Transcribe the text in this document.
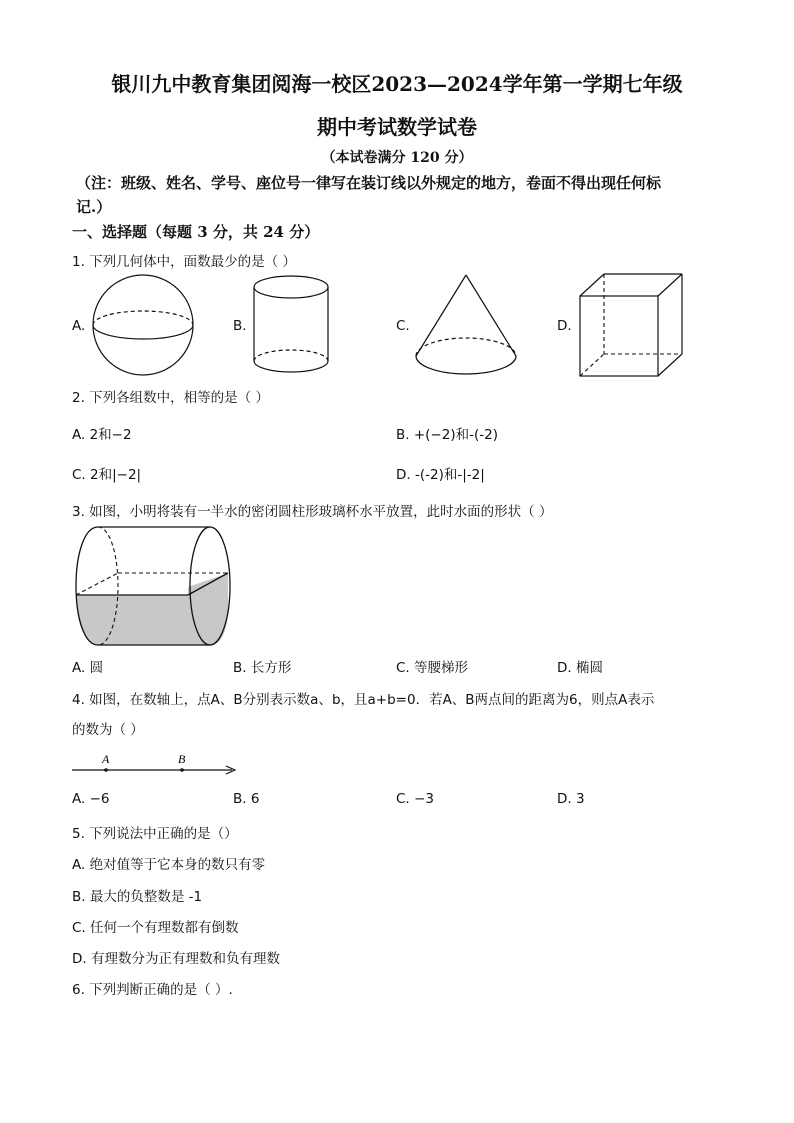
银川九中教育集团阅海一校区2023—2024学年第一学期七年级
期中考试数学试卷
（本试卷满分 120 分）
（注：班级、姓名、学号、座位号一律写在装订线以外规定的地方，卷面不得出现任何标
记.）
一、选择题（每题 3 分，共 24 分）
1. 下列几何体中，面数最少的是（ ）
A.	B.	C.	D.
2. 下列各组数中，相等的是（ ）
A. 2和−2	B. +(−2)和-(-2)
C. 2和|−2|	D. -(-2)和-|-2|
3. 如图，小明将装有一半水的密闭圆柱形玻璃杯水平放置，此时水面的形状（ ）
A. 圆	B. 长方形	C. 等腰梯形	D. 椭圆
4. 如图，在数轴上，点A、B分别表示数a、b，且a+b=0．若A、B两点间的距离为6，则点A表示
的数为（ ）
A	B
A. −6	B. 6	C. −3	D. 3
5. 下列说法中正确的是（）
A. 绝对值等于它本身的数只有零
B. 最大的负整数是 -1
C. 任何一个有理数都有倒数
D. 有理数分为正有理数和负有理数
6. 下列判断正确的是（ ）.
